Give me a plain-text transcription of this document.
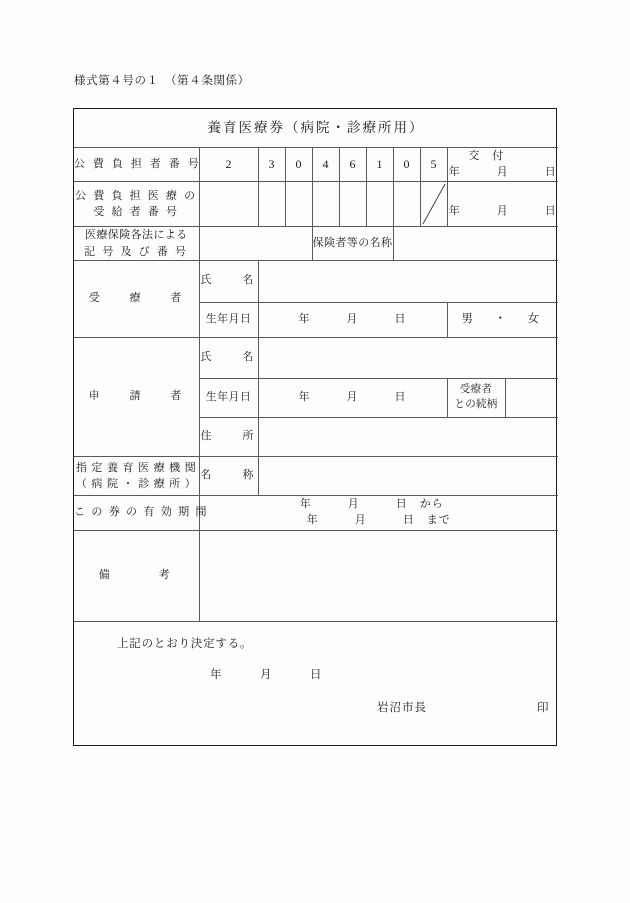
様式第４号の１　（第４条関係）
養育医療券（病院・診療所用）										
公 費 負 担 者 番 号	2	3	0	4	6	1	0	5	交　付  年　　　月　　　日	

公 費 負 担 医 療 の
受 給 者 番 号									年　　　月　　　日	

医療保険各法による
記 号 及 び 番 号				保険者等の名称						
受　　療　　者	氏　　名									
	生年月日	年　　　月　　　日							男　・　女	
申　　請　　者	氏　　名									
	生年月日	年　　　月　　　日							受療者
との続柄	

	住　　所									

指 定 養 育 医 療 機 関
（ 病 院 ・ 診 療 所 ）	名　　称									
こ の 券 の 有 効 期 間	年　　　月　　　日　から  年　　　月　　　日　まで									
備　　　考										

上記のとおり決定する。
年　　　月　　　日
岩沼市長 印										
